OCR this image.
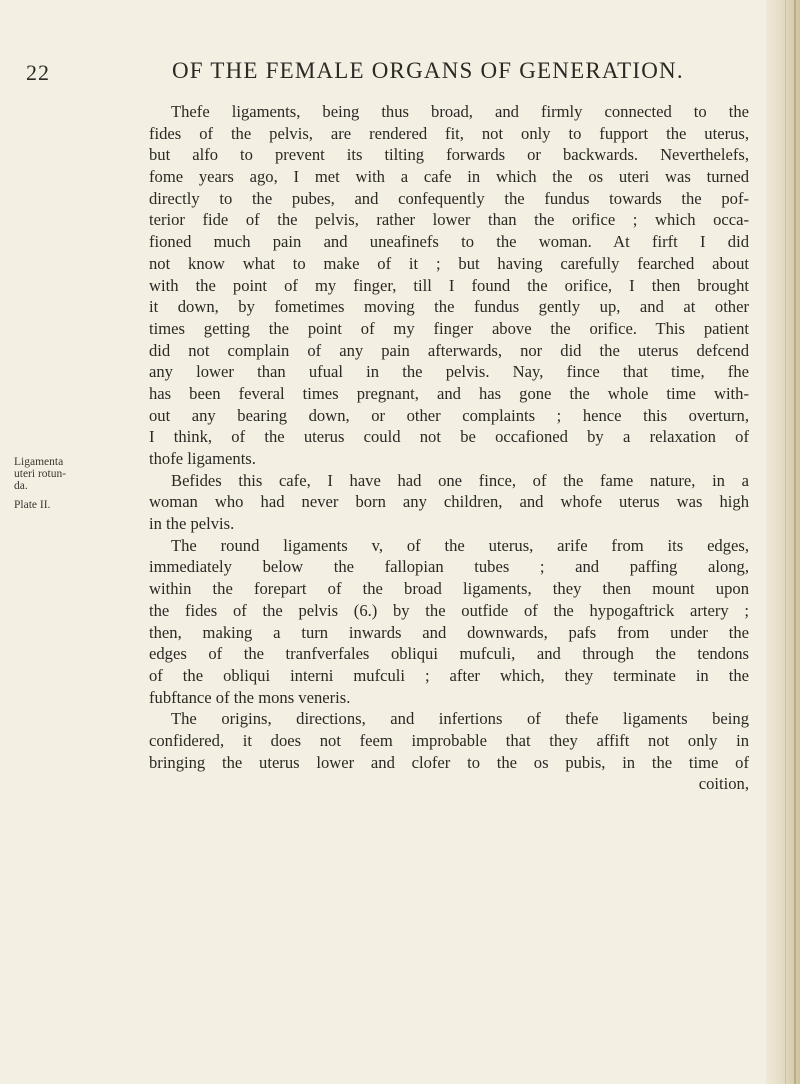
22	OF THE FEMALE ORGANS OF GENERATION.
Ligamenta
uteri rotun-
da.
Plate II.
Thefe ligaments, being thus broad, and firmly connected to the
fides of the pelvis, are rendered fit, not only to fupport the uterus,
but alfo to prevent its tilting forwards or backwards. Neverthelefs,
fome years ago, I met with a cafe in which the os uteri was turned
directly to the pubes, and confequently the fundus towards the pof-
terior fide of the pelvis, rather lower than the orifice ; which occa-
fioned much pain and uneafinefs to the woman. At firft I did
not know what to make of it ; but having carefully fearched about
with the point of my finger, till I found the orifice, I then brought
it down, by fometimes moving the fundus gently up, and at other
times getting the point of my finger above the orifice. This patient
did not complain of any pain afterwards, nor did the uterus defcend
any lower than ufual in the pelvis. Nay, fince that time, fhe
has been feveral times pregnant, and has gone the whole time with-
out any bearing down, or other complaints ; hence this overturn,
I think, of the uterus could not be occafioned by a relaxation of
thofe ligaments.
Befides this cafe, I have had one fince, of the fame nature, in a
woman who had never born any children, and whofe uterus was high
in the pelvis.
The round ligaments v, of the uterus, arife from its edges,
immediately below the fallopian tubes ; and paffing along,
within the forepart of the broad ligaments, they then mount upon
the fides of the pelvis (6.) by the outfide of the hypogaftrick artery ;
then, making a turn inwards and downwards, pafs from under the
edges of the tranfverfales obliqui mufculi, and through the tendons
of the obliqui interni mufculi ; after which, they terminate in the
fubftance of the mons veneris.
The origins, directions, and infertions of thefe ligaments being
confidered, it does not feem improbable that they affift not only in
bringing the uterus lower and clofer to the os pubis, in the time of
coition,
